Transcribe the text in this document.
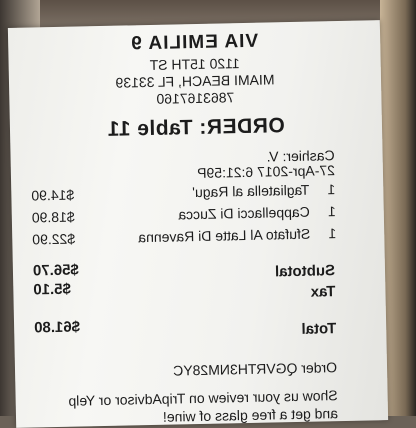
VIA EMILIA 9
1120 15TH ST
MIAMI BEACH, FL 33139
7863167160
ORDER: Table 11
Cashier: V.
27-Apr-2017 6:21:59P
1
Tagliatella al Ragu'
$14.90
1
Cappellacci Di Zucca
$18.90
1
Sfufato Al Latte Di Ravenna
$22.90
Subtotal
$56.70
Tax
$5.10
Total
$61.80
Order QGVRTH3NM28YC
Show us your review on TripAdvisor or Yelp
and get a free glass of wine!
